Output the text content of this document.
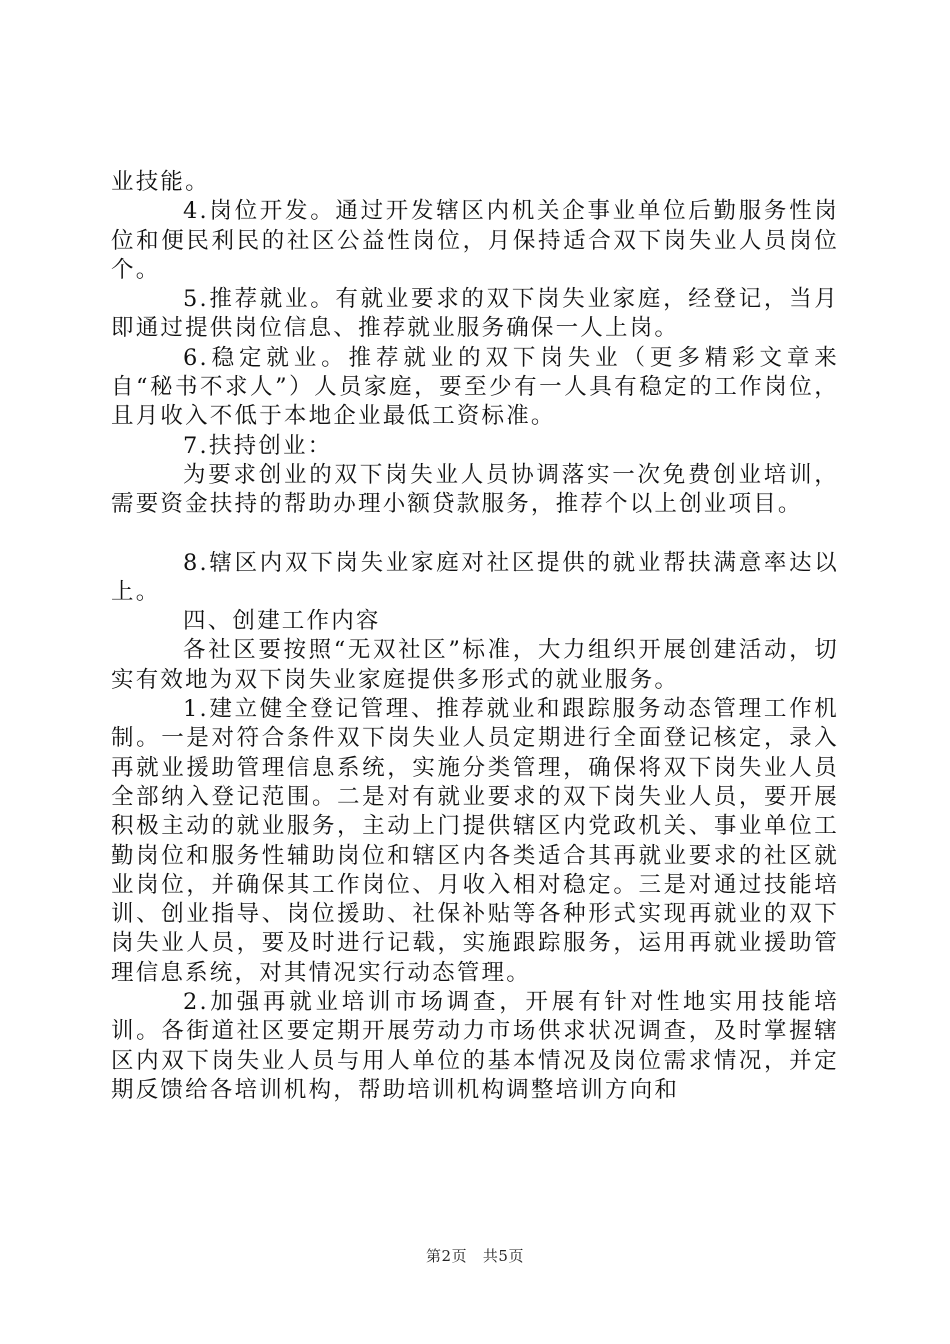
业技能。

4.岗位开发。通过开发辖区内机关企事业单位后勤服务性岗位和便民利民的社区公益性岗位，月保持适合双下岗失业人员岗位个。

5.推荐就业。有就业要求的双下岗失业家庭，经登记，当月即通过提供岗位信息、推荐就业服务确保一人上岗。

6.稳定就业。推荐就业的双下岗失业（更多精彩文章来自“秘书不求人”）人员家庭，要至少有一人具有稳定的工作岗位，且月收入不低于本地企业最低工资标准。

7.扶持创业：

为要求创业的双下岗失业人员协调落实一次免费创业培训，需要资金扶持的帮助办理小额贷款服务，推荐个以上创业项目。

8.辖区内双下岗失业家庭对社区提供的就业帮扶满意率达以上。

四、创建工作内容

各社区要按照“无双社区”标准，大力组织开展创建活动，切实有效地为双下岗失业家庭提供多形式的就业服务。

1.建立健全登记管理、推荐就业和跟踪服务动态管理工作机制。一是对符合条件双下岗失业人员定期进行全面登记核定，录入再就业援助管理信息系统，实施分类管理，确保将双下岗失业人员全部纳入登记范围。二是对有就业要求的双下岗失业人员，要开展积极主动的就业服务，主动上门提供辖区内党政机关、事业单位工勤岗位和服务性辅助岗位和辖区内各类适合其再就业要求的社区就业岗位，并确保其工作岗位、月收入相对稳定。三是对通过技能培训、创业指导、岗位援助、社保补贴等各种形式实现再就业的双下岗失业人员，要及时进行记载，实施跟踪服务，运用再就业援助管理信息系统，对其情况实行动态管理。

2.加强再就业培训市场调查，开展有针对性地实用技能培训。各街道社区要定期开展劳动力市场供求状况调查，及时掌握辖区内双下岗失业人员与用人单位的基本情况及岗位需求情况，并定期反馈给各培训机构，帮助培训机构调整培训方向和

第2页 共5页
